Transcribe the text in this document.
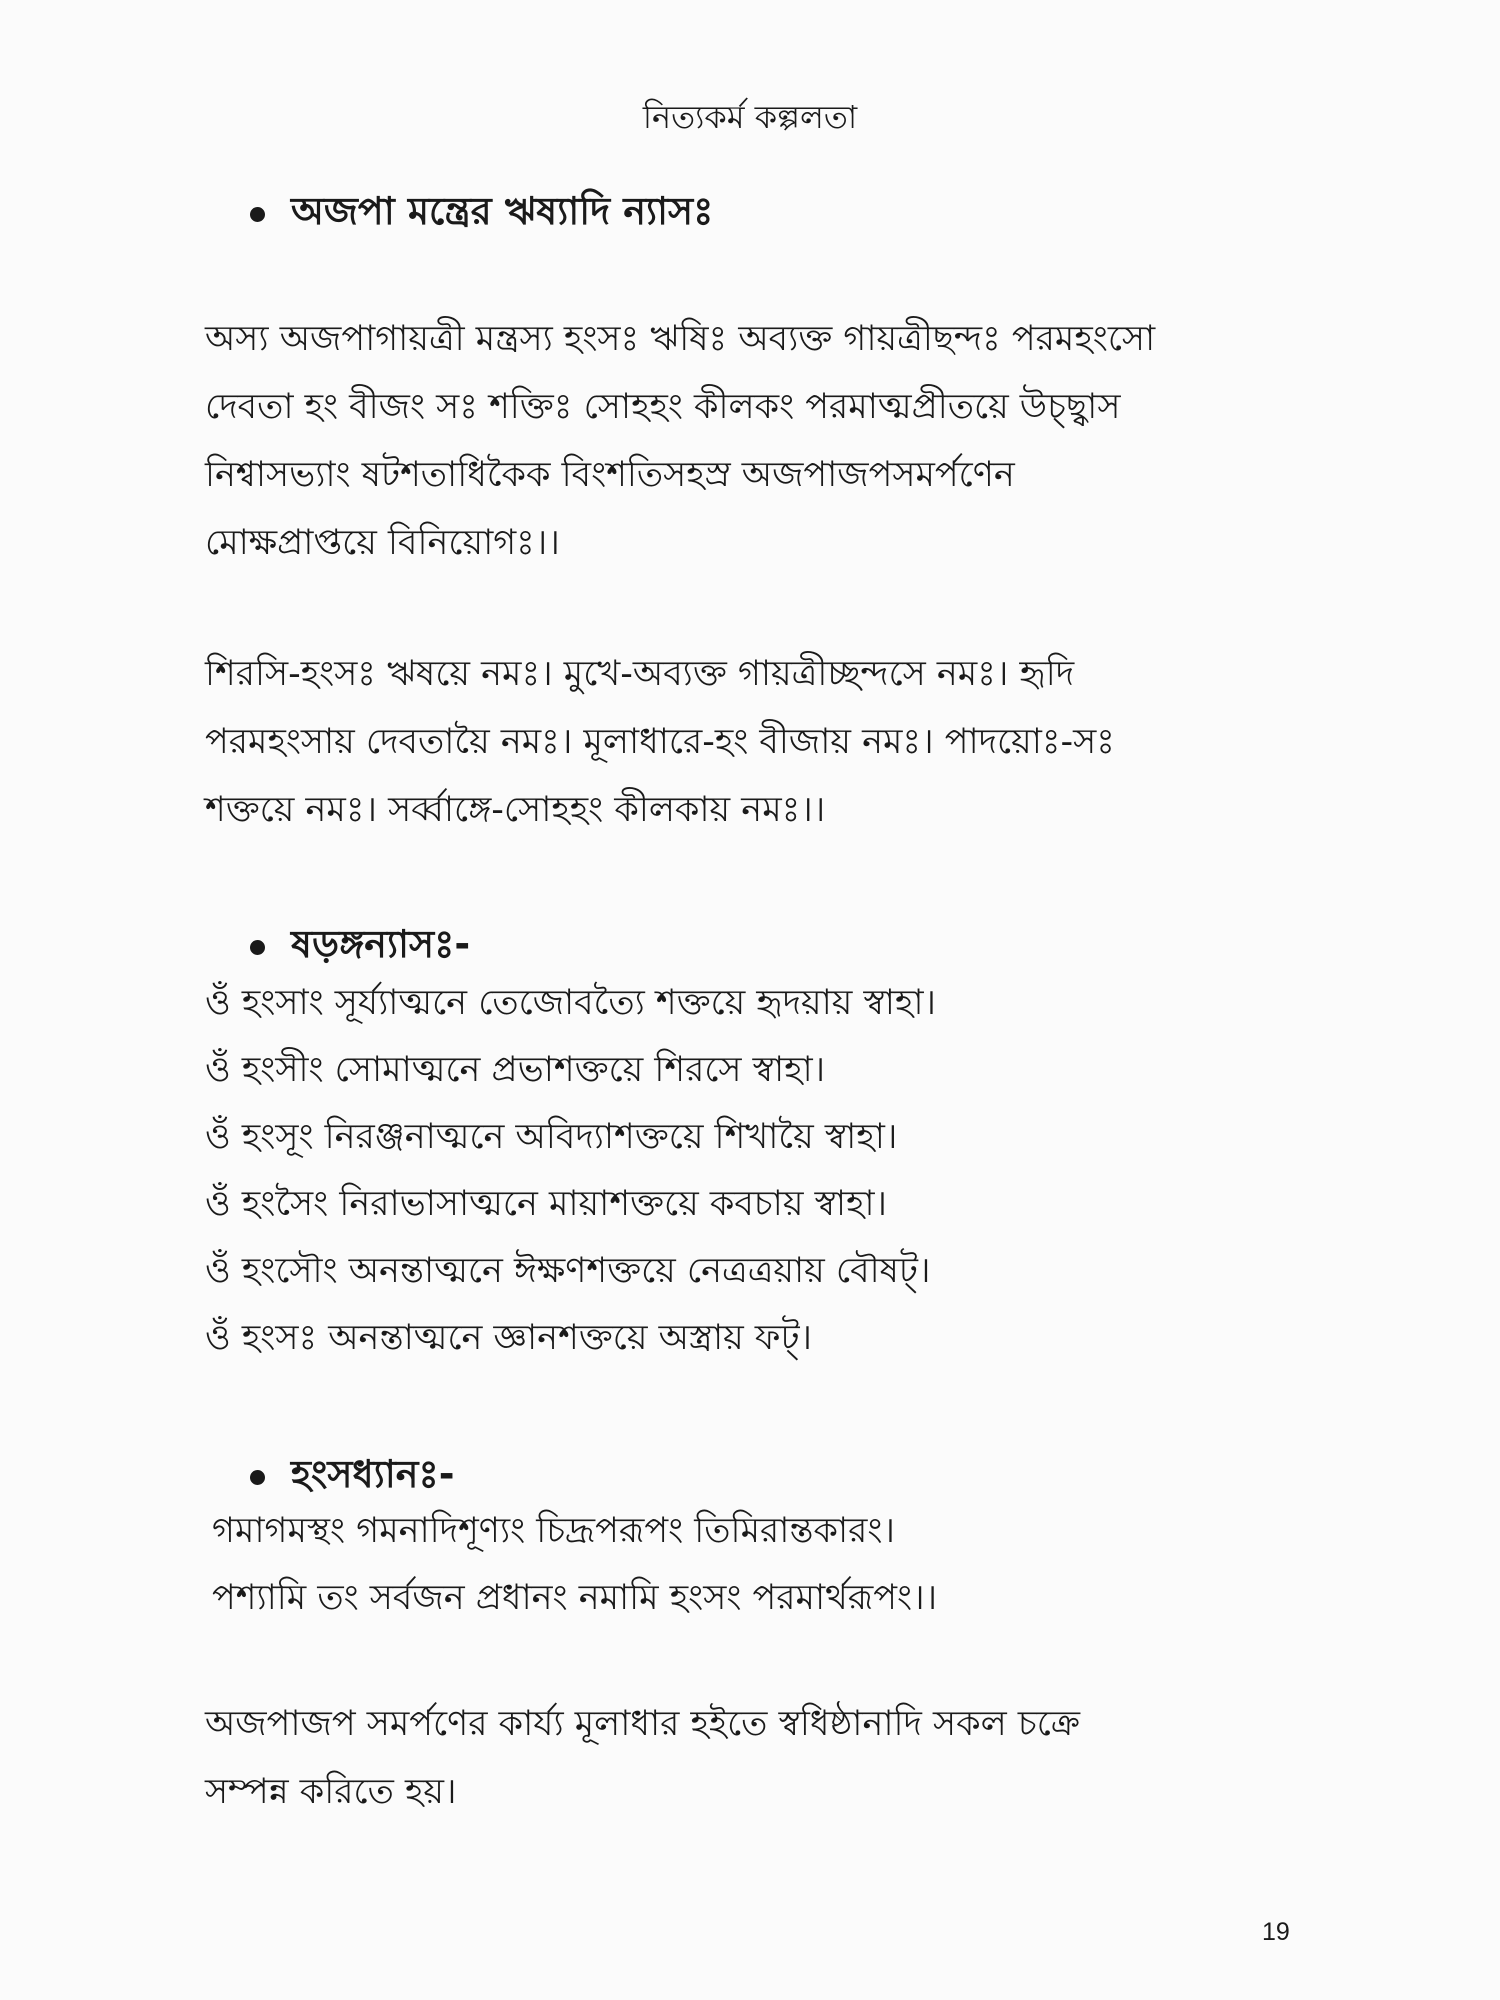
নিত্যকর্ম কল্পলতা
অজপা মন্ত্রের ঋষ্যাদি ন্যাসঃ
অস্য অজপাগায়ত্রী মন্ত্রস্য হংসঃ ঋষিঃ অব্যক্ত গায়ত্রীছন্দঃ পরমহংসো
দেবতা হং বীজং সঃ শক্তিঃ সোহহং কীলকং পরমাত্মপ্রীতয়ে উচ্ছ্বাস
নিশ্বাসভ্যাং ষটশতাধিকৈক বিংশতিসহস্র অজপাজপসমর্পণেন
মোক্ষপ্রাপ্তয়ে বিনিয়োগঃ।।
শিরসি-হংসঃ ঋষয়ে নমঃ। মুখে-অব্যক্ত গায়ত্রীচ্ছন্দসে নমঃ। হৃদি
পরমহংসায় দেবতায়ৈ নমঃ। মূলাধারে-হং বীজায় নমঃ। পাদয়োঃ-সঃ
শক্তয়ে নমঃ। সর্ব্বাঙ্গে-সোহহং কীলকায় নমঃ।।
ষড়ঙ্গন্যাসঃ-
ওঁ হংসাং সূর্য্যাত্মনে তেজোবত্যৈ শক্তয়ে হৃদয়ায় স্বাহা।
ওঁ হংসীং সোমাত্মনে প্রভাশক্তয়ে শিরসে স্বাহা।
ওঁ হংসূং নিরঞ্জনাত্মনে অবিদ্যাশক্তয়ে শিখায়ৈ স্বাহা।
ওঁ হংসৈং নিরাভাসাত্মনে মায়াশক্তয়ে কবচায় স্বাহা।
ওঁ হংসৌং অনন্তাত্মনে ঈক্ষণশক্তয়ে নেত্রত্রয়ায় বৌষট্।
ওঁ হংসঃ অনন্তাত্মনে জ্ঞানশক্তয়ে অস্ত্রায় ফট্।
হংসধ্যানঃ-
গমাগমস্থং গমনাদিশূণ্যং চিদ্রূপরূপং তিমিরান্তকারং।
পশ্যামি তং সর্বজন প্রধানং নমামি হংসং পরমার্থরূপং।।
অজপাজপ সমর্পণের কার্য্য মূলাধার হইতে স্বধিষ্ঠানাদি সকল চক্রে
সম্পন্ন করিতে হয়।
19
